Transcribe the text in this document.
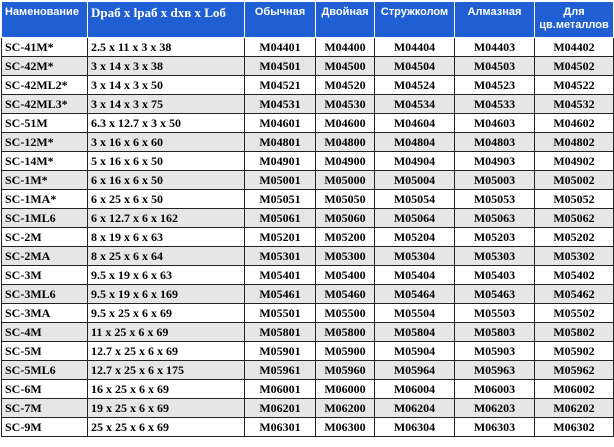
Наменование	Dраб x lраб x dхв x Lоб	Обычная	Двойная	Стружколом	Алмазная	Для цв.металлов
SC-41M*	2.5 x 11 x 3 x 38	M04401	M04400	M04404	M04403	M04402
SC-42M*	3 x 14 x 3 x 38	M04501	M04500	M04504	M04503	M04502
SC-42ML2*	3 x 14 x 3 x 50	M04521	M04520	M04524	M04523	M04522
SC-42ML3*	3 x 14 x 3 x 75	M04531	M04530	M04534	M04533	M04532
SC-51M	6.3 x 12.7 x 3 x 50	M04601	M04600	M04604	M04603	M04602
SC-12M*	3 x 16 x 6 x 60	M04801	M04800	M04804	M04803	M04802
SC-14M*	5 x 16 x 6 x 50	M04901	M04900	M04904	M04903	M04902
SC-1M*	6 x 16 x 6 x 50	M05001	M05000	M05004	M05003	M05002
SC-1MA*	6 x 25 x 6 x 50	M05051	M05050	M05054	M05053	M05052
SC-1ML6	6 x 12.7 x 6 x 162	M05061	M05060	M05064	M05063	M05062
SC-2M	8 x 19 x 6 x 63	M05201	M05200	M05204	M05203	M05202
SC-2MA	8 x 25 x 6 x 64	M05301	M05300	M05304	M05303	M05302
SC-3M	9.5 x 19 x 6 x 63	M05401	M05400	M05404	M05403	M05402
SC-3ML6	9.5 x 19 x 6 x 169	M05461	M05460	M05464	M05463	M05462
SC-3MA	9.5 x 25 x 6 x 69	M05501	M05500	M05504	M05503	M05502
SC-4M	11 x 25 x 6 x 69	M05801	M05800	M05804	M05803	M05802
SC-5M	12.7 x 25 x 6 x 69	M05901	M05900	M05904	M05903	M05902
SC-5ML6	12.7 x 25 x 6 x 175	M05961	M05960	M05964	M05963	M05962
SC-6M	16 x 25 x 6 x 69	M06001	M06000	M06004	M06003	M06002
SC-7M	19 x 25 x 6 x 69	M06201	M06200	M06204	M06203	M06202
SC-9M	25 x 25 x 6 x 69	M06301	M06300	M06304	M06303	M06302
